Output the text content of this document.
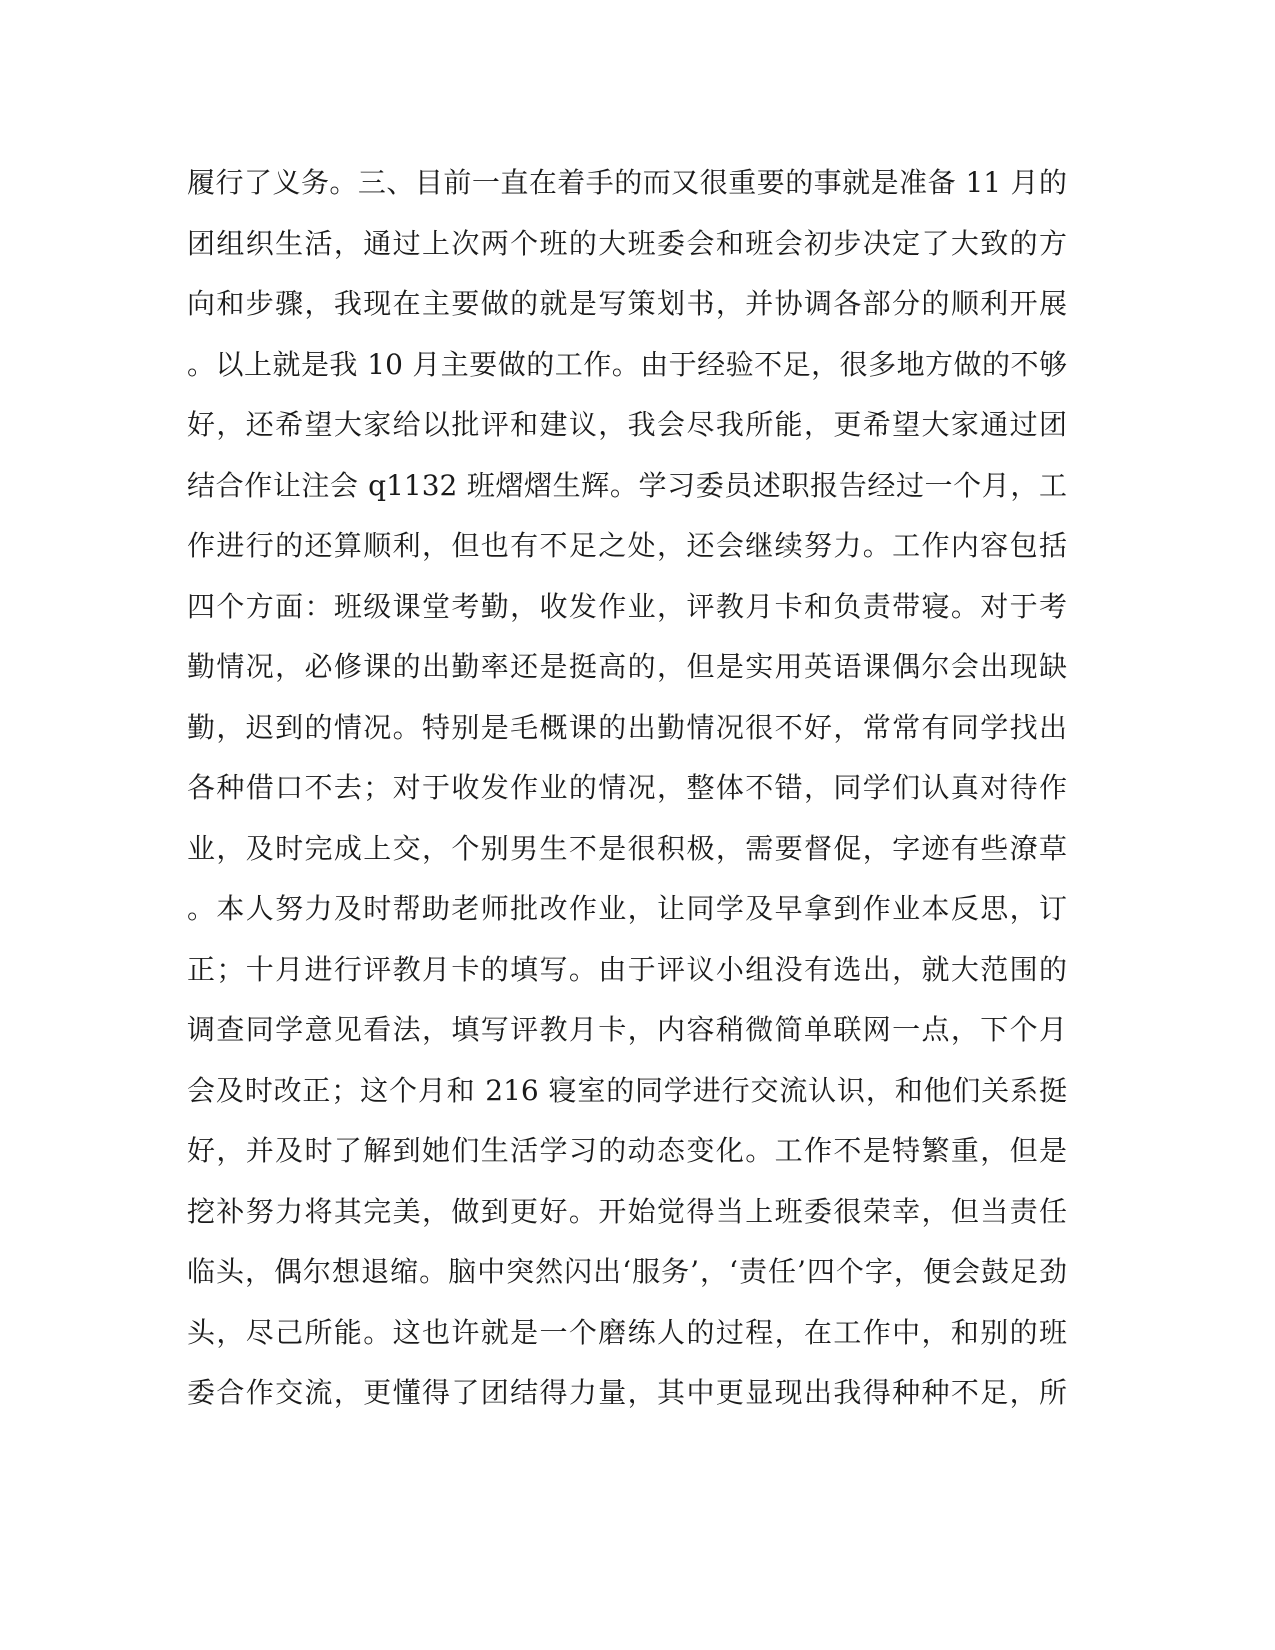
履行了义务。三、目前一直在着手的而又很重要的事就是准备 11 月的
团组织生活，通过上次两个班的大班委会和班会初步决定了大致的方
向和步骤，我现在主要做的就是写策划书，并协调各部分的顺利开展
。以上就是我 10 月主要做的工作。由于经验不足，很多地方做的不够
好，还希望大家给以批评和建议，我会尽我所能，更希望大家通过团
结合作让注会 q1132 班熠熠生辉。学习委员述职报告经过一个月，工
作进行的还算顺利，但也有不足之处，还会继续努力。工作内容包括
四个方面：班级课堂考勤，收发作业，评教月卡和负责带寝。对于考
勤情况，必修课的出勤率还是挺高的，但是实用英语课偶尔会出现缺
勤，迟到的情况。特别是毛概课的出勤情况很不好，常常有同学找出
各种借口不去；对于收发作业的情况，整体不错，同学们认真对待作
业，及时完成上交，个别男生不是很积极，需要督促，字迹有些潦草
。本人努力及时帮助老师批改作业，让同学及早拿到作业本反思，订
正；十月进行评教月卡的填写。由于评议小组没有选出，就大范围的
调查同学意见看法，填写评教月卡，内容稍微简单联网一点，下个月
会及时改正；这个月和 216 寝室的同学进行交流认识，和他们关系挺
好，并及时了解到她们生活学习的动态变化。工作不是特繁重，但是
挖补努力将其完美，做到更好。开始觉得当上班委很荣幸，但当责任
临头，偶尔想退缩。脑中突然闪出‘服务’，‘责任’四个字，便会鼓足劲
头，尽己所能。这也许就是一个磨练人的过程，在工作中，和别的班
委合作交流，更懂得了团结得力量，其中更显现出我得种种不足，所
